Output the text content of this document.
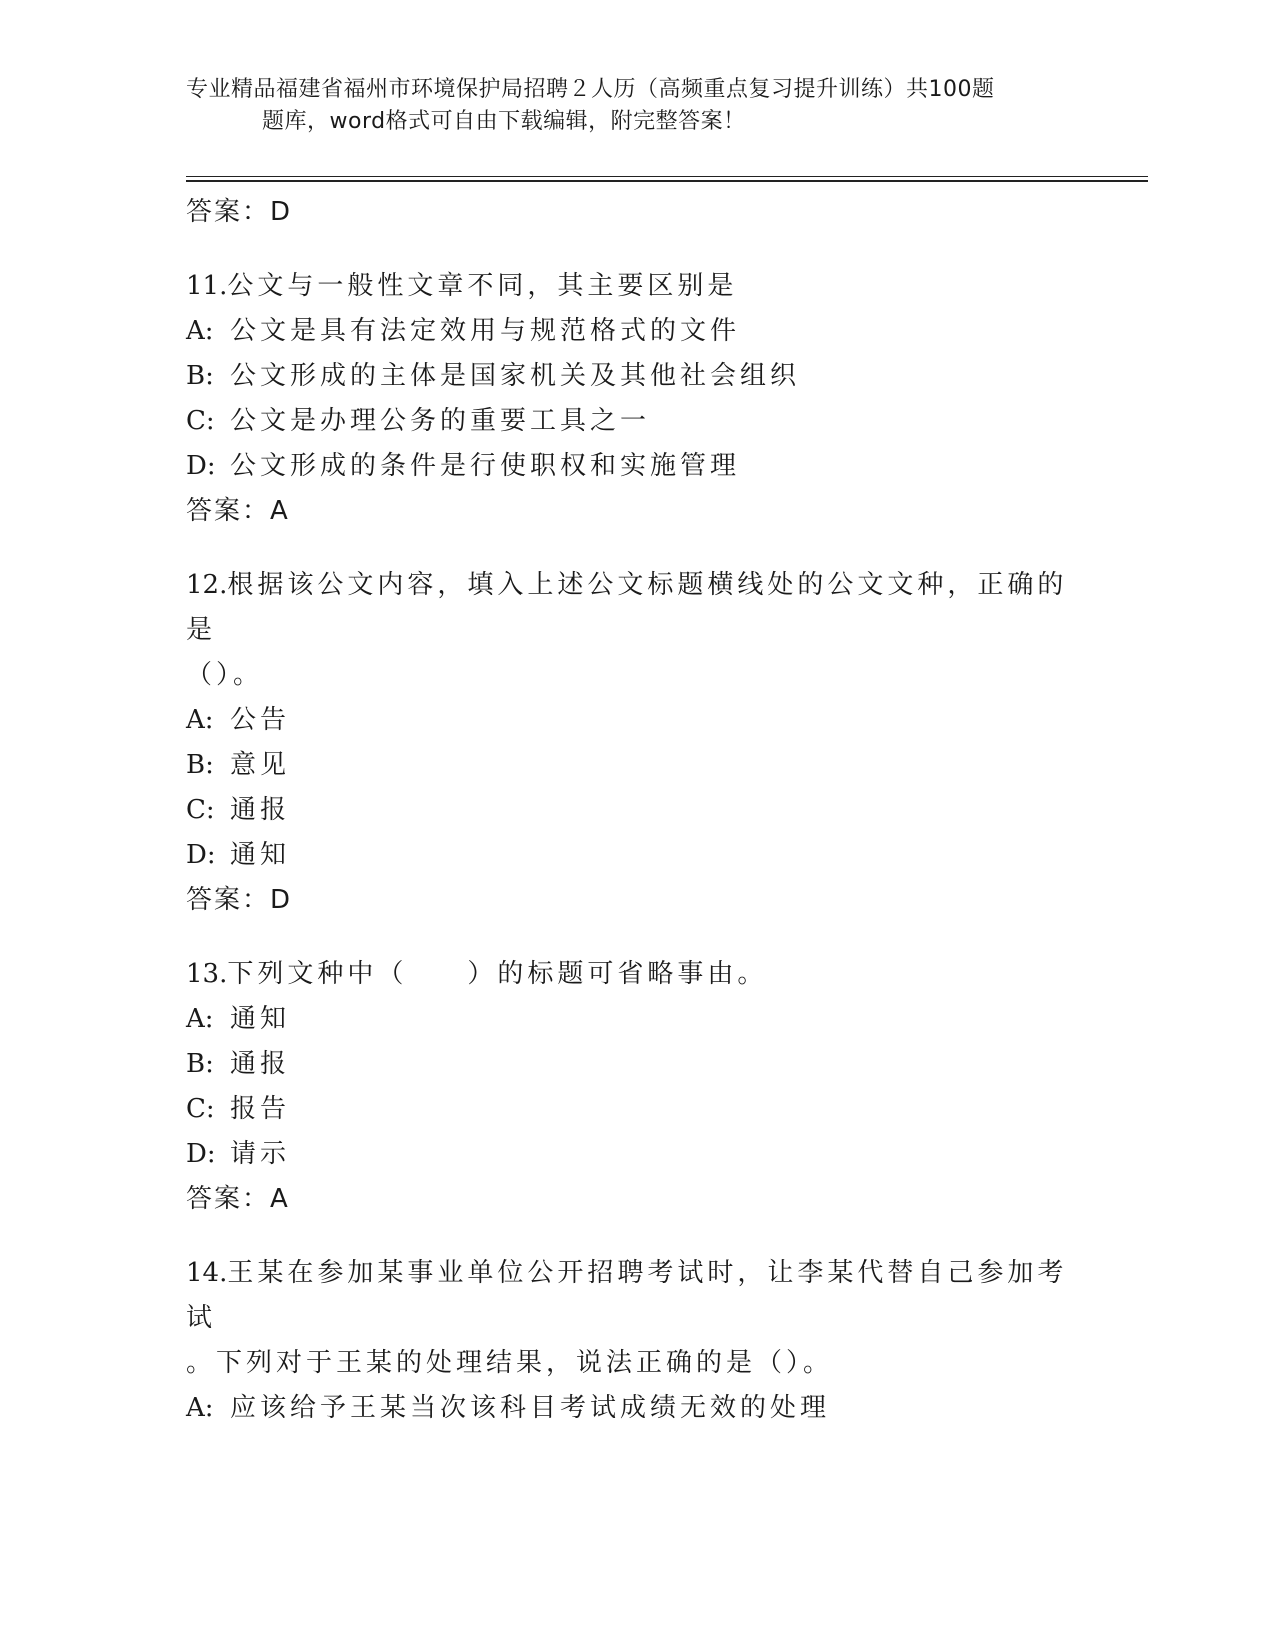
专业精品福建省福州市环境保护局招聘２人历（高频重点复习提升训练）共100题
题库，word格式可自由下载编辑，附完整答案！
答案：D
11.公文与一般性文章不同，其主要区别是
A: 公文是具有法定效用与规范格式的文件
B: 公文形成的主体是国家机关及其他社会组织
C: 公文是办理公务的重要工具之一
D: 公文形成的条件是行使职权和实施管理
答案：A
12.根据该公文内容，填入上述公文标题横线处的公文文种，正确的是
（）。
A: 公告
B: 意见
C: 通报
D: 通知
答案：D
13.下列文种中（　　）的标题可省略事由。
A: 通知
B: 通报
C: 报告
D: 请示
答案：A
14.王某在参加某事业单位公开招聘考试时，让李某代替自己参加考试
。下列对于王某的处理结果，说法正确的是（）。
A: 应该给予王某当次该科目考试成绩无效的处理
